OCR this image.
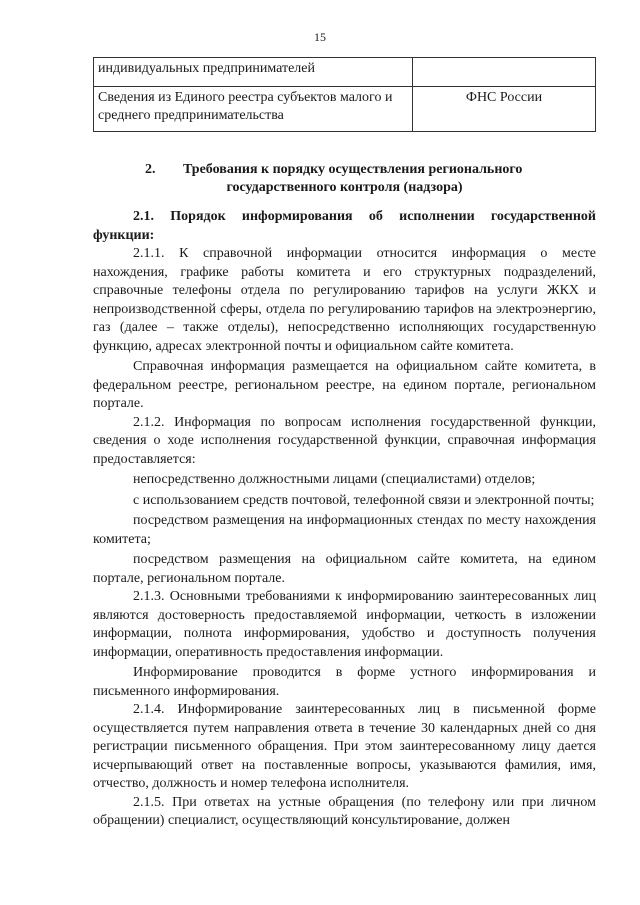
15
индивидуальных предпринимателей	
Сведения из Единого реестра субъектов малого и среднего предпринимательства	ФНС России
2. Требования к порядку осуществления регионального
государственного контроля (надзора)

2.1. Порядок информирования об исполнении государственной функции:

2.1.1. К справочной информации относится информация о месте нахождения, графике работы комитета и его структурных подразделений, справочные телефоны отдела по регулированию тарифов на услуги ЖКХ и непроизводственной сферы, отдела по регулированию тарифов на электроэнергию, газ (далее – также отделы), непосредственно исполняющих государственную функцию, адресах электронной почты и официальном сайте комитета.

Справочная информация размещается на официальном сайте комитета, в федеральном реестре, региональном реестре, на едином портале, региональном портале.

2.1.2. Информация по вопросам исполнения государственной функции, сведения о ходе исполнения государственной функции, справочная информация предоставляется:

непосредственно должностными лицами (специалистами) отделов;

с использованием средств почтовой, телефонной связи и электронной почты;

посредством размещения на информационных стендах по месту нахождения комитета;

посредством размещения на официальном сайте комитета, на едином портале, региональном портале.

2.1.3. Основными требованиями к информированию заинтересованных лиц являются достоверность предоставляемой информации, четкость в изложении информации, полнота информирования, удобство и доступность получения информации, оперативность предоставления информации.

Информирование проводится в форме устного информирования и письменного информирования.

2.1.4. Информирование заинтересованных лиц в письменной форме осуществляется путем направления ответа в течение 30 календарных дней со дня регистрации письменного обращения. При этом заинтересованному лицу дается исчерпывающий ответ на поставленные вопросы, указываются фамилия, имя, отчество, должность и номер телефона исполнителя.

2.1.5. При ответах на устные обращения (по телефону или при личном обращении) специалист, осуществляющий консультирование, должен
